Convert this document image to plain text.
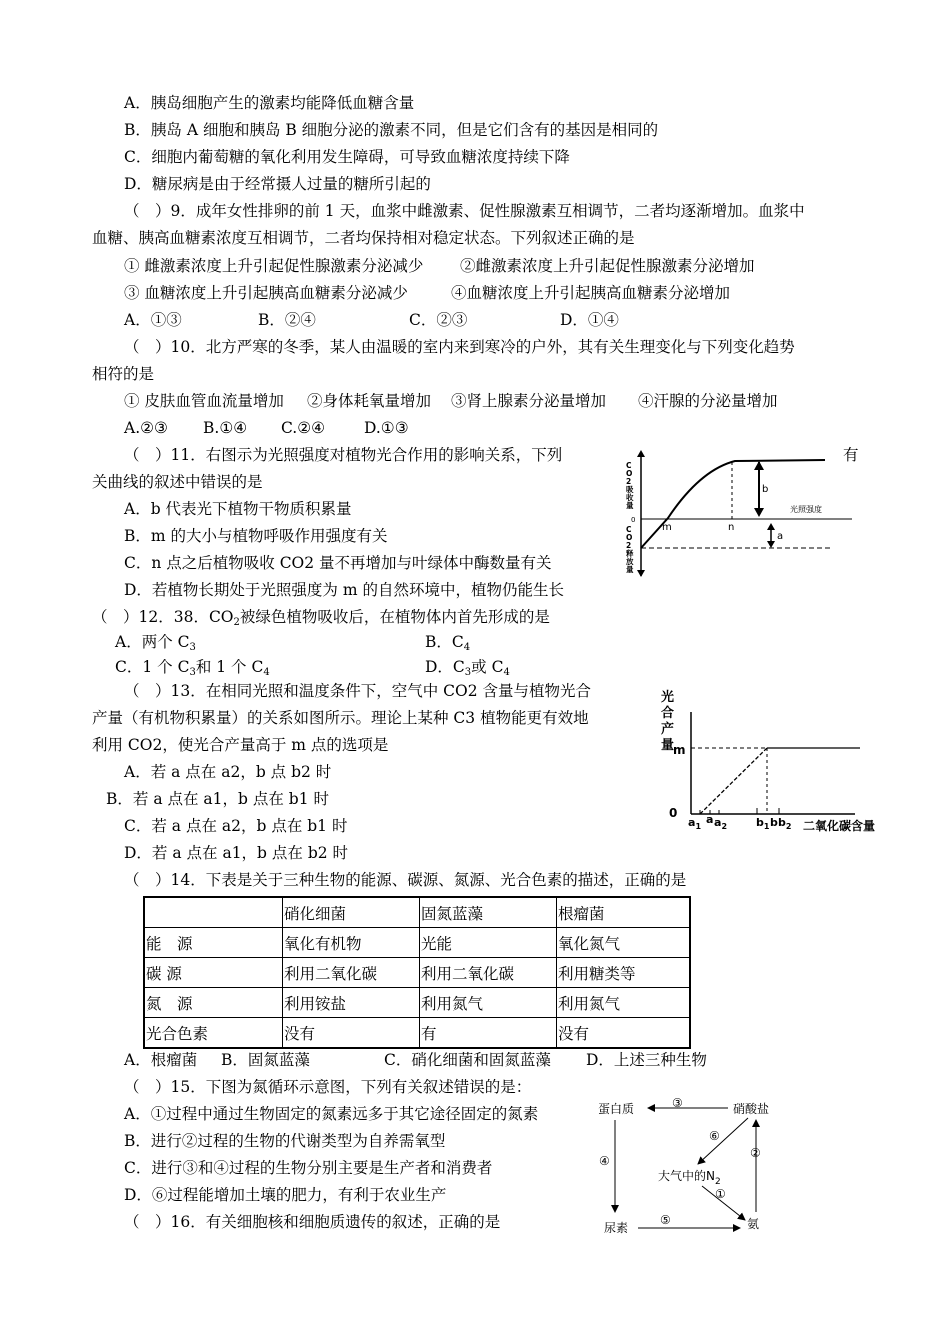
A．胰岛细胞产生的激素均能降低血糖含量
B．胰岛 A 细胞和胰岛 B 细胞分泌的激素不同，但是它们含有的基因是相同的
C．细胞内葡萄糖的氧化利用发生障碍，可导致血糖浓度持续下降
D．糖尿病是由于经常摄人过量的糖所引起的
（　）9．成年女性排卵的前 1 天，血浆中雌激素、促性腺激素互相调节，二者均逐渐增加。血浆中
血糖、胰高血糖素浓度互相调节，二者均保持相对稳定状态。下列叙述正确的是
① 雌激素浓度上升引起促性腺激素分泌减少 ②雌激素浓度上升引起促性腺激素分泌增加
③ 血糖浓度上升引起胰高血糖素分泌减少	④血糖浓度上升引起胰高血糖素分泌增加
A．①③	B．②④	C．②③	D．①④
（　）10．北方严寒的冬季，某人由温暖的室内来到寒冷的户外，其有关生理变化与下列变化趋势
相符的是
① 皮肤血管血流量增加 ②身体耗氧量增加 ③肾上腺素分泌量增加 ④汗腺的分泌量增加
A.②③ B.①④ C.②④	D.①③
（　）11．右图示为光照强度对植物光合作用的影响关系，下列	有
关曲线的叙述中错误的是
A．b 代表光下植物干物质积累量
B．m 的大小与植物呼吸作用强度有关
C．n 点之后植物吸收 CO2 量不再增加与叶绿体中酶数量有关
D．若植物长期处于光照强度为 m 的自然环境中，植物仍能生长
C
O
2
吸
收
量
C
O
2
释
放
量
光照强度
0
m	n
b
a
（　）12．38．$CO_2$被绿色植物吸收后，在植物体内首先形成的是
A．两个 $C_3$	B．$C_4$
C．1 个 $C_3$和 1 个 $C_4$	D．$C_3$或 $C_4$
（　）13．在相同光照和温度条件下，空气中 CO2 含量与植物光合
产量（有机物积累量）的关系如图所示。理论上某种 C3 植物能更有效地
利用 CO2，使光合产量高于 m 点的选项是
A．若 a 点在 a2，b 点 b2 时
B．若 a 点在 a1，b 点在 b1 时
C．若 a 点在 a2，b 点在 b1 时
D．若 a 点在 a1，b 点在 b2 时
光
合
产
量
m
0
$a_1$
a $a_2$	$b_1$ b $b_2$ 二氧化碳含量
（　）14．下表是关于三种生物的能源、碳源、氮源、光合色素的描述，正确的是
	硝化细菌	固氮蓝藻	根瘤菌
能　源	氧化有机物	光能	氧化氮气
碳 源	利用二氧化碳	利用二氧化碳	利用糖类等
氮　源	利用铵盐	利用氮气	利用氮气
光合色素	没有	有	没有
A．根瘤菌 B．固氮蓝藻	C．硝化细菌和固氮蓝藻 D．上述三种生物
（　）15．下图为氮循环示意图，下列有关叙述错误的是：
A．①过程中通过生物固定的氮素远多于其它途径固定的氮素
B．进行②过程的生物的代谢类型为自养需氧型
C．进行③和④过程的生物分别主要是生产者和消费者
D．⑥过程能增加土壤的肥力，有利于农业生产
蛋白质	硝酸盐
大气中的$N_2$
尿素	氨
③
⑥
②
④
①
⑤
（　）16．有关细胞核和细胞质遗传的叙述，正确的是
